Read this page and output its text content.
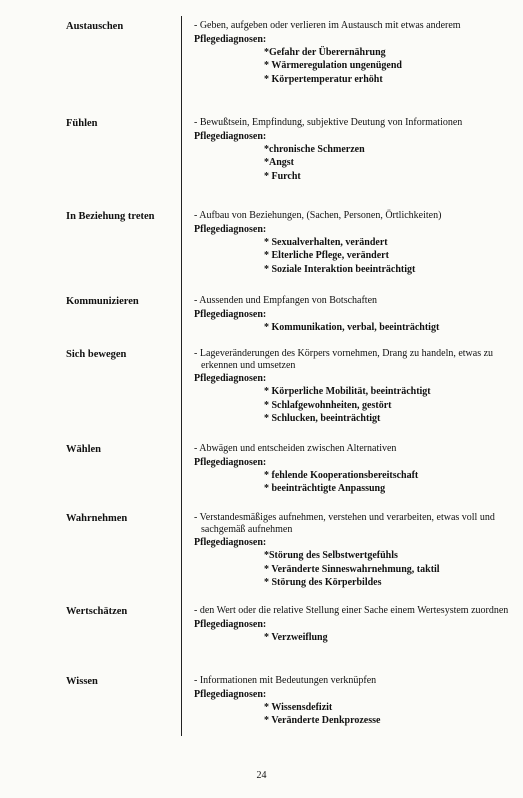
Austauschen	- Geben, aufgeben oder verlieren im Austausch mit etwas anderem
Pflegediagnosen:
*Gefahr der Überernährung
* Wärmeregulation ungenügend
* Körpertemperatur erhöht
Fühlen	- Bewußtsein, Empfindung, subjektive Deutung von Informationen
Pflegediagnosen:
*chronische Schmerzen
*Angst
* Furcht
In Beziehung treten	- Aufbau von Beziehungen, (Sachen, Personen, Örtlichkeiten)
Pflegediagnosen:
* Sexualverhalten, verändert
* Elterliche Pflege, verändert
* Soziale Interaktion beeinträchtigt
Kommunizieren	- Aussenden und Empfangen von Botschaften
Pflegediagnosen:
* Kommunikation, verbal, beeinträchtigt
Sich bewegen	- Lageveränderungen des Körpers vornehmen, Drang zu handeln, etwas zu erkennen und umsetzen
Pflegediagnosen:
* Körperliche Mobilität, beeinträchtigt
* Schlafgewohnheiten, gestört
* Schlucken, beeinträchtigt
Wählen	- Abwägen und entscheiden zwischen Alternativen
Pflegediagnosen:
* fehlende Kooperationsbereitschaft
* beeinträchtigte Anpassung
Wahrnehmen	- Verstandesmäßiges aufnehmen, verstehen und verarbeiten, etwas voll und sachgemäß aufnehmen
Pflegediagnosen:
*Störung des Selbstwertgefühls
* Veränderte Sinneswahrnehmung, taktil
* Störung des Körperbildes
Wertschätzen	- den Wert oder die relative Stellung einer Sache einem Wertesystem zuordnen
Pflegediagnosen:
* Verzweiflung
Wissen	- Informationen mit Bedeutungen verknüpfen
Pflegediagnosen:
* Wissensdefizit
* Veränderte Denkprozesse
24
